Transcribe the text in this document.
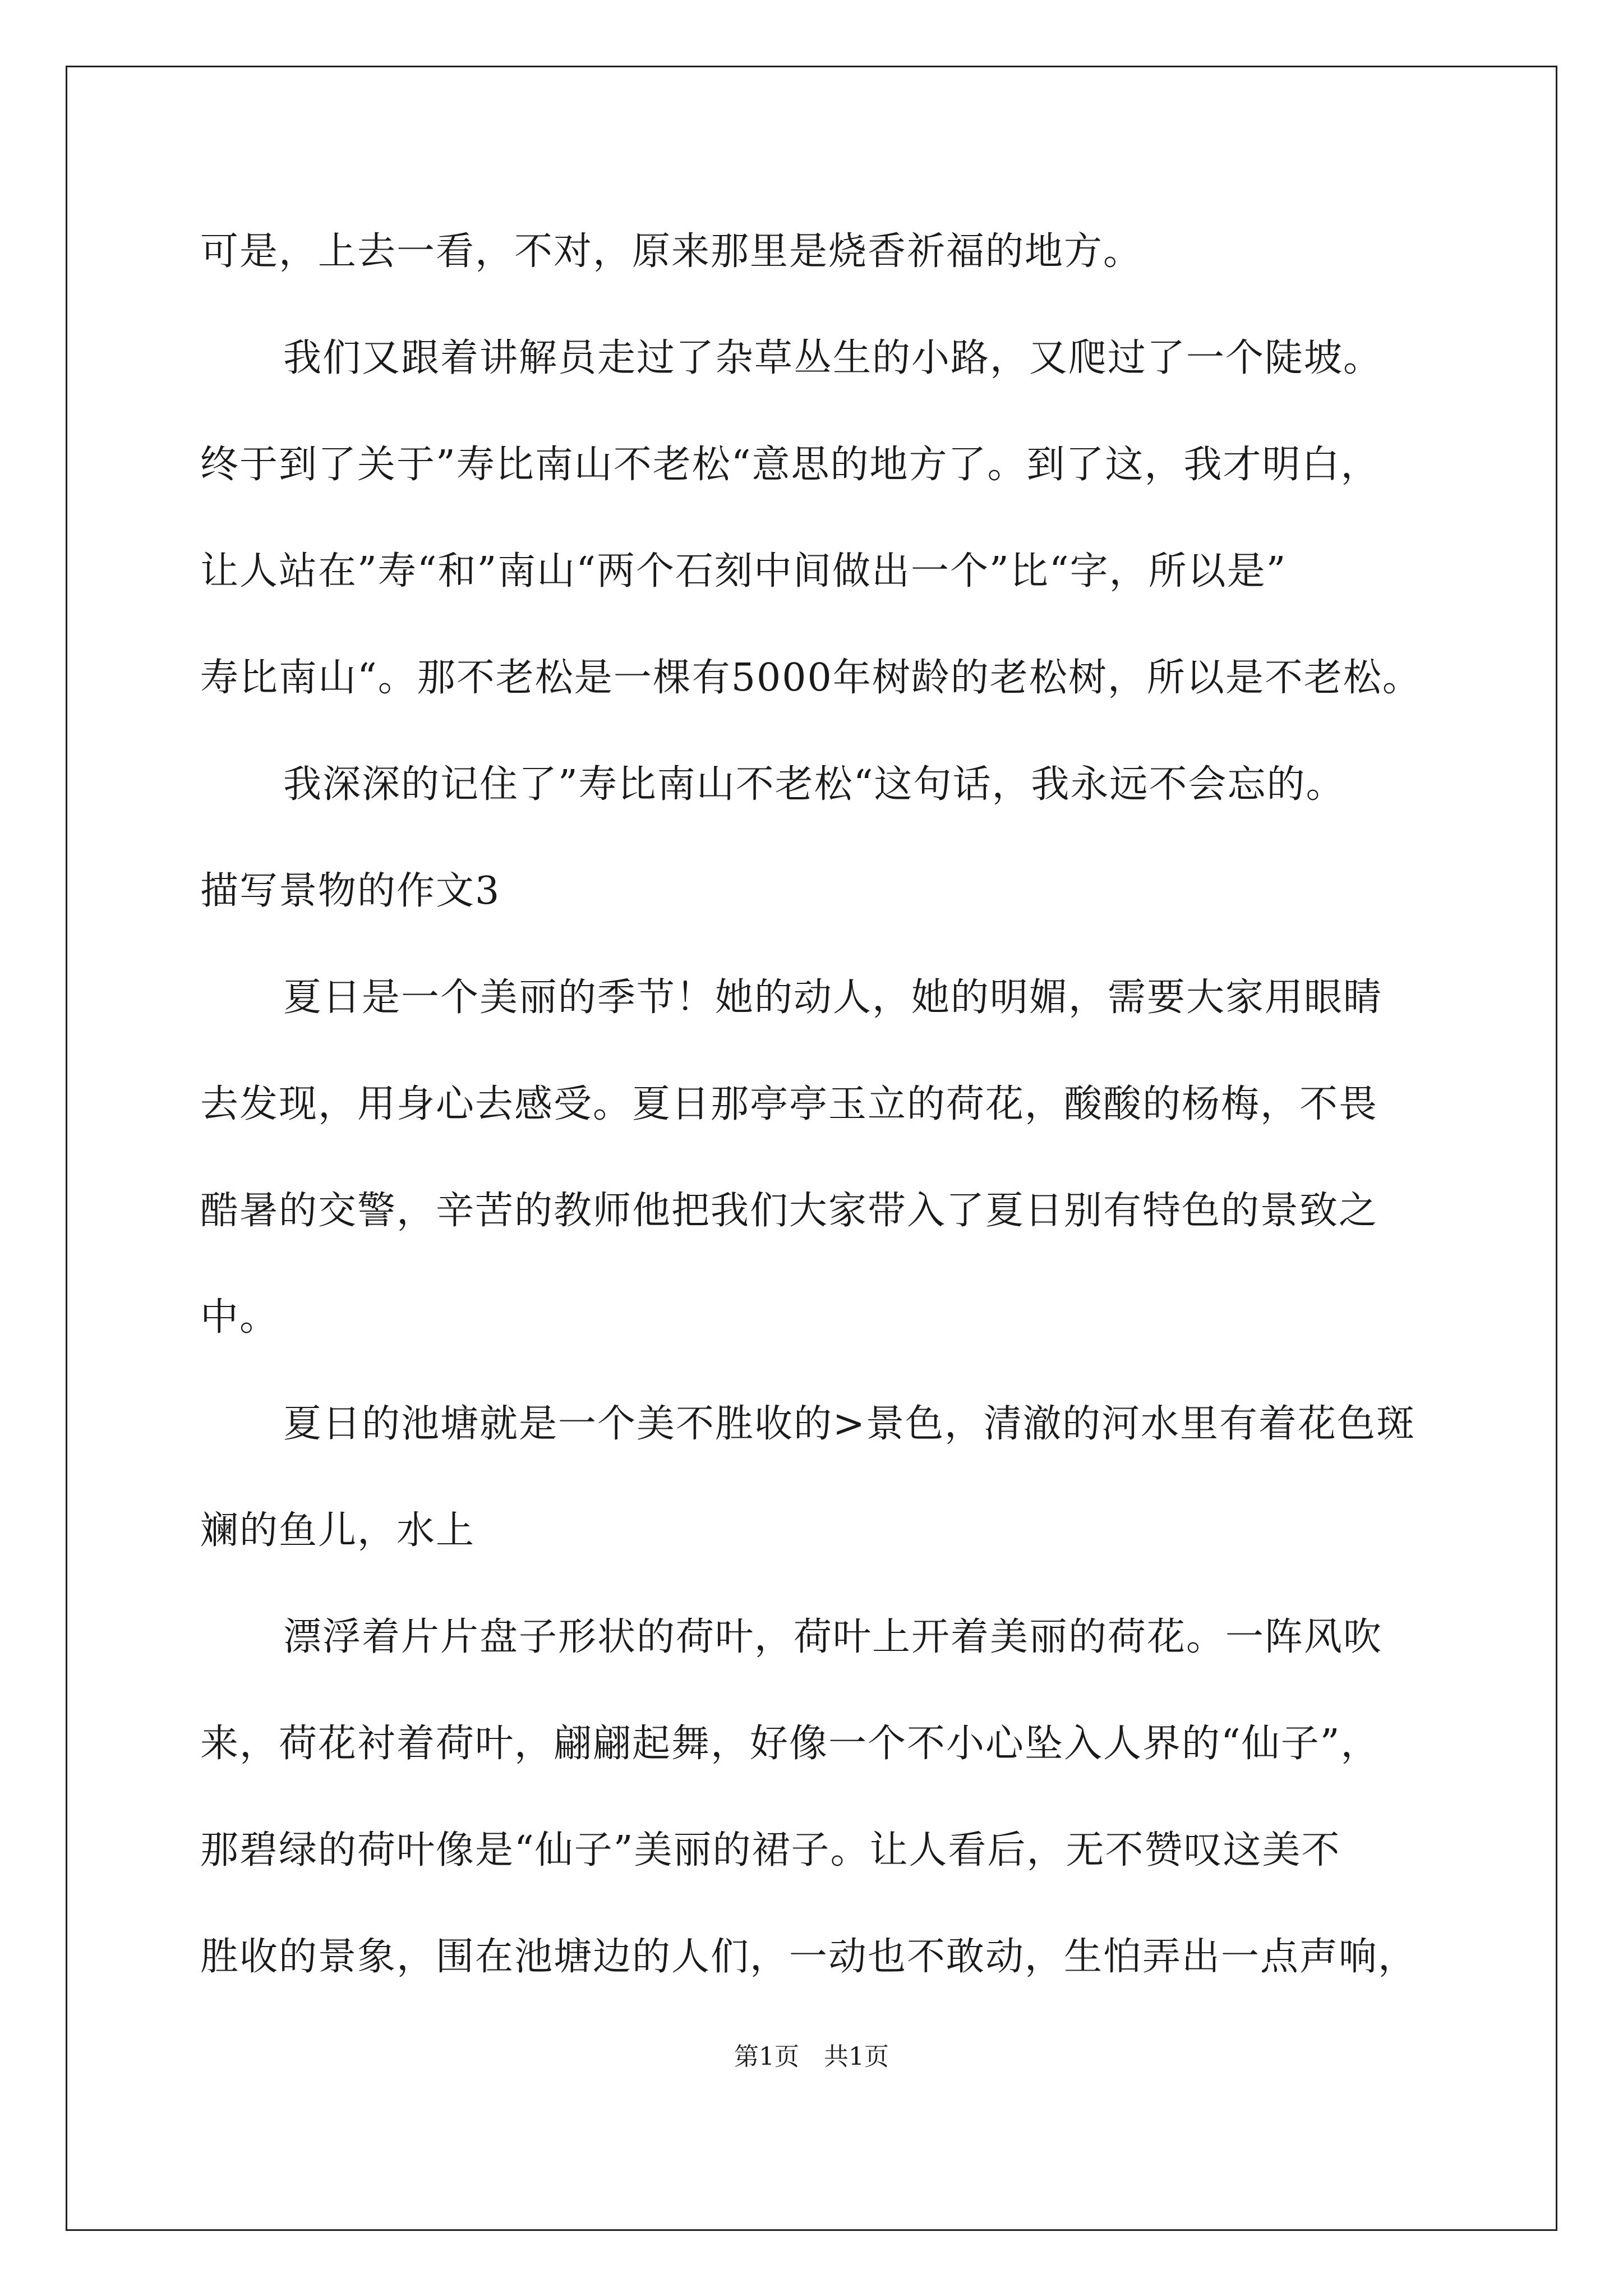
可是，上去一看，不对，原来那里是烧香祈福的地方。
我们又跟着讲解员走过了杂草丛生的小路，又爬过了一个陡坡。
终于到了关于”寿比南山不老松“意思的地方了。到了这，我才明白，
让人站在”寿“和”南山“两个石刻中间做出一个”比“字，所以是”
寿比南山“。那不老松是一棵有5000年树龄的老松树，所以是不老松。
我深深的记住了”寿比南山不老松“这句话，我永远不会忘的。
描写景物的作文3
夏日是一个美丽的季节！她的动人，她的明媚，需要大家用眼睛
去发现，用身心去感受。夏日那亭亭玉立的荷花，酸酸的杨梅，不畏
酷暑的交警，辛苦的教师他把我们大家带入了夏日别有特色的景致之
中。
夏日的池塘就是一个美不胜收的>景色，清澈的河水里有着花色斑
斓的鱼儿，水上
漂浮着片片盘子形状的荷叶，荷叶上开着美丽的荷花。一阵风吹
来，荷花衬着荷叶，翩翩起舞，好像一个不小心坠入人界的“仙子”，
那碧绿的荷叶像是“仙子”美丽的裙子。让人看后，无不赞叹这美不
胜收的景象，围在池塘边的人们，一动也不敢动，生怕弄出一点声响，
第1页　共1页
